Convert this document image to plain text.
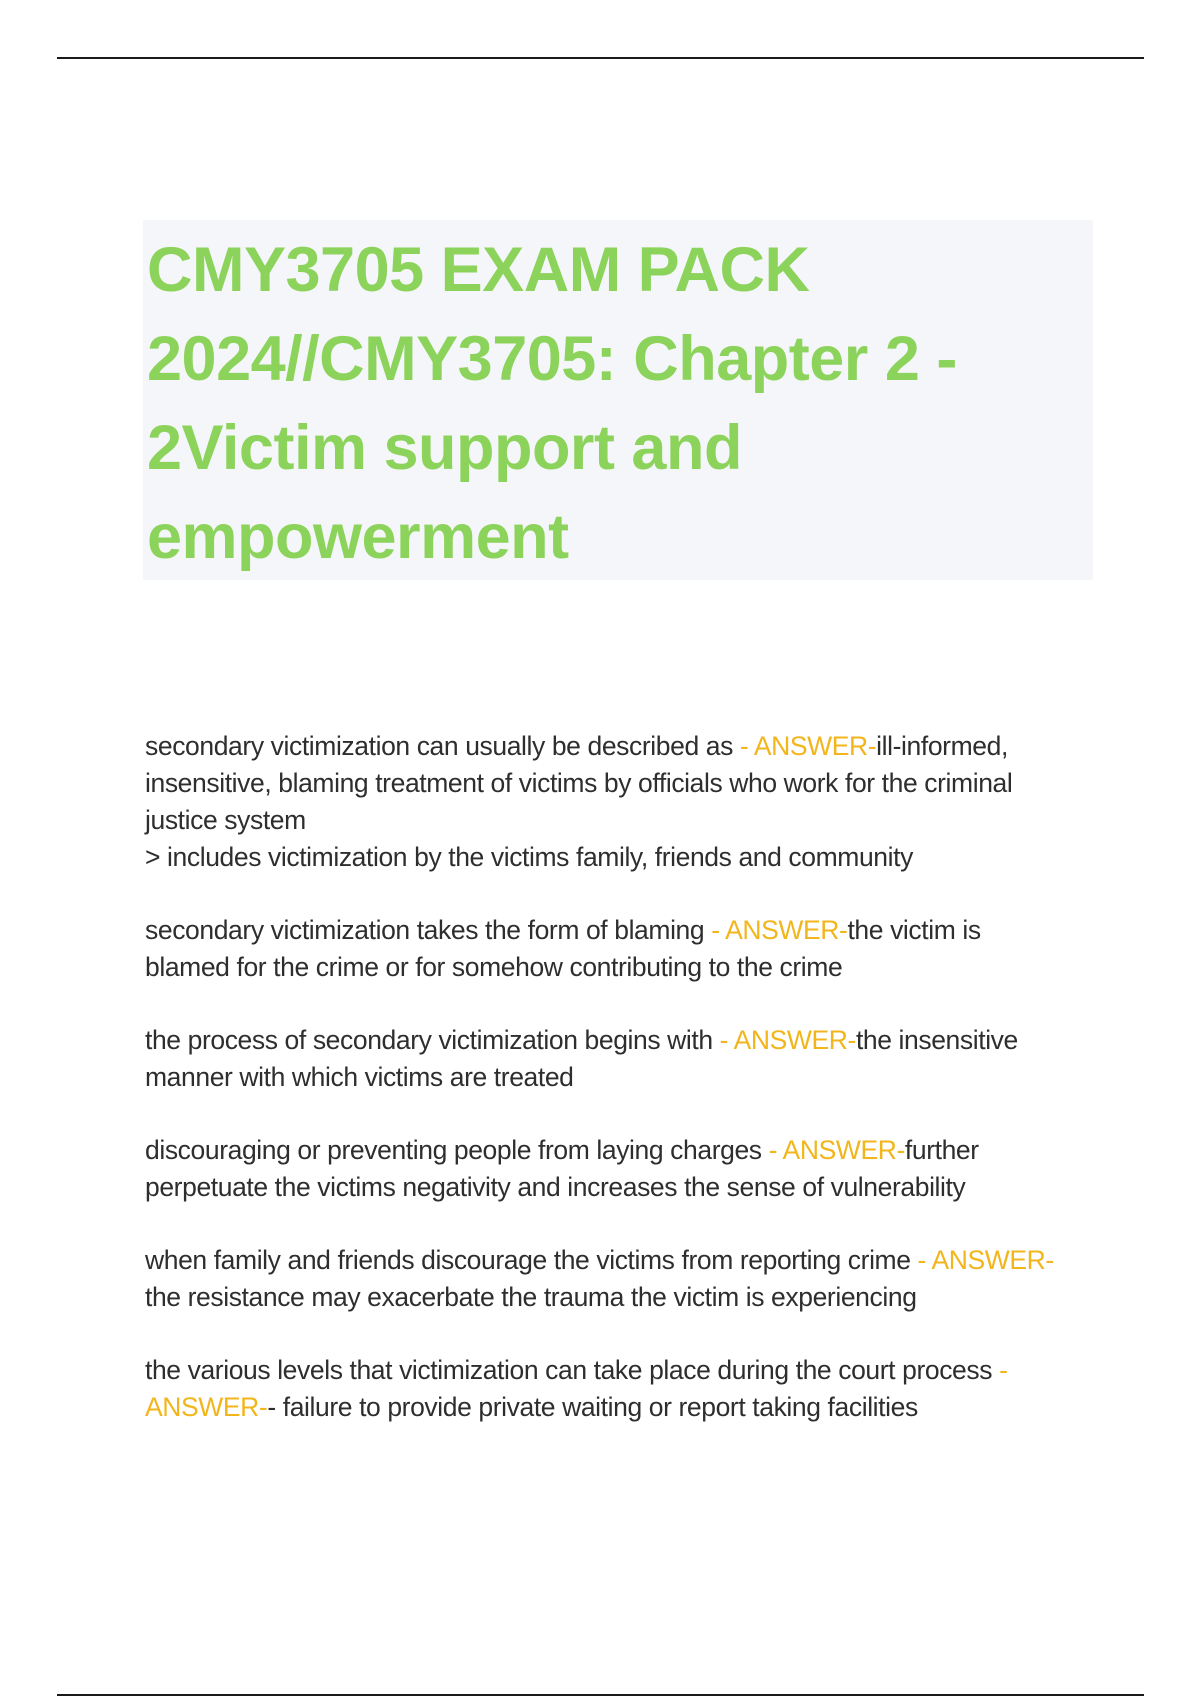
CMY3705 EXAM PACK
2024//CMY3705: Chapter 2 -
2Victim support and
empowerment

secondary victimization can usually be described as - ANSWER-ill-informed,
insensitive, blaming treatment of victims by officials who work for the criminal
justice system
> includes victimization by the victims family, friends and community

secondary victimization takes the form of blaming - ANSWER-the victim is
blamed for the crime or for somehow contributing to the crime

the process of secondary victimization begins with - ANSWER-the insensitive
manner with which victims are treated

discouraging or preventing people from laying charges - ANSWER-further
perpetuate the victims negativity and increases the sense of vulnerability

when family and friends discourage the victims from reporting crime - ANSWER-
the resistance may exacerbate the trauma the victim is experiencing

the various levels that victimization can take place during the court process -
ANSWER-- failure to provide private waiting or report taking facilities
